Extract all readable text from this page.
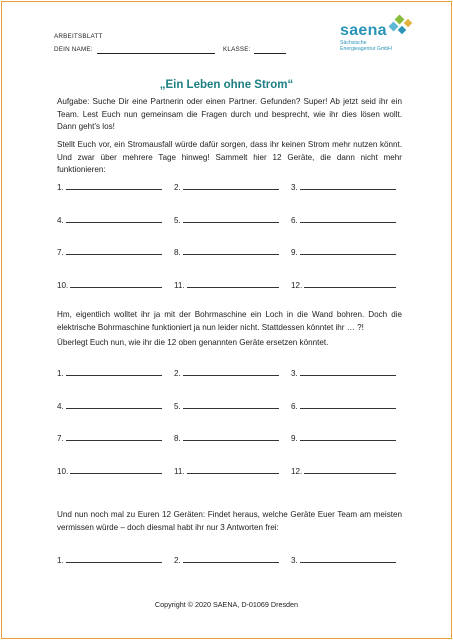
ARBEITSBLATT
DEIN NAME:	KLASSE:
saena
Sächsische
Energieagentur GmbH
„Ein Leben ohne Strom“
Aufgabe: Suche Dir eine Partnerin oder einen Partner. Gefunden? Super! Ab jetzt seid ihr ein Team. Lest Euch nun gemeinsam die Fragen durch und besprecht, wie ihr dies lösen wollt. Dann geht’s los!
Stellt Euch vor, ein Stromausfall würde dafür sorgen, dass ihr keinen Strom mehr nutzen könnt. Und zwar über mehrere Tage hinweg! Sammelt hier 12 Geräte, die dann nicht mehr funktionieren:
1.	2.	3.
4.	5.	6.
7.	8.	9.
10.	11.	12.
Hm, eigentlich wolltet ihr ja mit der Bohrmaschine ein Loch in die Wand bohren. Doch die elektrische Bohrmaschine funktioniert ja nun leider nicht. Stattdessen könntet ihr … ?!
Überlegt Euch nun, wie ihr die 12 oben genannten Geräte ersetzen könntet.
1.	2.	3.
4.	5.	6.
7.	8.	9.
10.	11.	12.
Und nun noch mal zu Euren 12 Geräten: Findet heraus, welche Geräte Euer Team am meisten vermissen würde – doch diesmal habt ihr nur 3 Antworten frei:
1.	2.	3.
Copyright © 2020 SAENA, D-01069 Dresden
